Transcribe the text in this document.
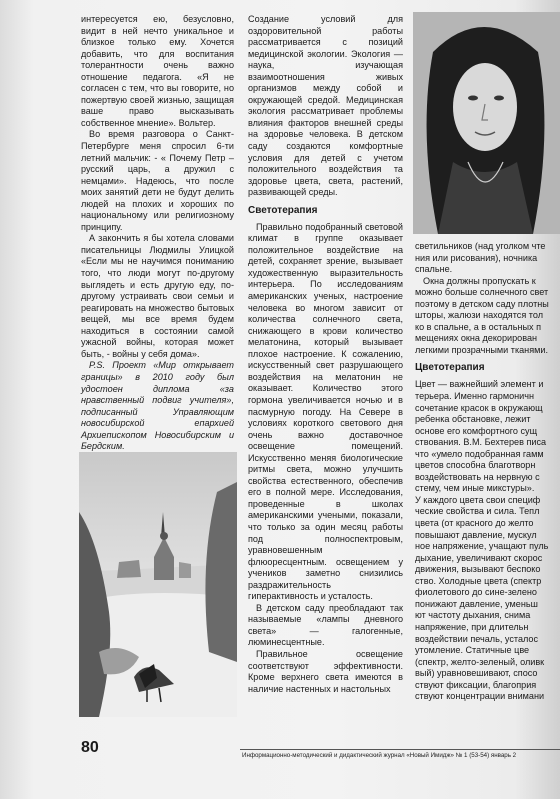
интересуется ею, безусловно, видит в ней нечто уникальное и близкое только ему. Хочется добавить, что для воспитания толерантности очень важно отношение педагога. «Я не согласен с тем, что вы говорите, но пожертвую своей жизнью, защищая ваше право высказывать собственное мнение». Вольтер.

Во время разговора о Санкт-Петербурге меня спросил 6-ти летний мальчик: - « Почему Петр – русский царь, а дружил с немцами». Надеюсь, что после моих занятий дети не будут делить людей на плохих и хороших по национальному или религиозному принципу.

А закончить я бы хотела словами писательницы Людмилы Улицкой «Если мы не научимся пониманию того, что люди могут по-другому выглядеть и есть другую еду, по-другому устраивать свои семьи и реагировать на множество бытовых вещей, мы все время будем находиться в состоянии самой ужасной войны, которая может быть, - войны у себя дома».

P.S. Проект «Мир открывает границы» в 2010 году был удостоен диплома «за нравственный подвиг учителя», подписанный Управляющим новосибирской епархией Архиепископом Новосибирским и Бердским.

Создание условий для оздоровительной работы рассматривается с позиций медицинской экологии. Экология — наука, изучающая взаимоотношения живых организмов между собой и окружающей средой. Медицинская экология рассматривает проблемы влияния факторов внешней среды на здоровье человека. В детском саду создаются комфортные условия для детей с учетом положительного воздействия та здоровье цвета, света, растений, развивающей среды.

Светотерапия

Правильно подобранный световой климат в группе оказывает положительное воздействие на детей, сохраняет зрение, вызывает художественную выразительность интерьера. По исследованиям американских ученых, настроение человека во многом зависит от количества солнечного света, снижающего в крови количество мелатонина, который вызывает плохое настроение. К сожалению, искусственный свет разрушающего воздействия на мелатонин не оказывает. Количество этого гормона увеличивается ночью и в пасмурную погоду. На Севере в условиях короткого светового дня очень важно доставочное освещение помещений. Искусственно меняя биологические ритмы света, можно улучшить свойства естественного, обеспечив его в полной мере. Исследования, проведенные в школах американскими учеными, показали, что только за один месяц работы под полноспектровым, уравновешенным флюоресцентным. освещением у учеников заметно снизились раздражительность гиперактивность и усталость.

В детском саду преобладают так называемые «лампы дневного света» — галогенные, люминесцентные.

Правильное освещение соответствуют эффективности. Кроме верхнего света имеются в наличие настенных и настольных

светильников (над уголком чте
ния или рисования), ночника
спальне.
Окна должны пропускать к
можно больше солнечного свет
поэтому в детском саду плотны
шторы, жалюзи находятся тол
ко в спальне, а в остальных п
мещениях окна декорирован
легкими прозрачными тканями.
Цветотерапия
Цвет — важнейший элемент и
терьера. Именно гармоничн
сочетание красок в окружающ
ребенка обстановке, лежит
основе его комфортного сущ
ствования. В.М. Бехтерев писа
что «умело подобранная гамм
цветов способна благотворн
воздействовать на нервную с
стему, чем иные микстуры».
У каждого цвета свои специф
ческие свойства и сила. Тепл
цвета (от красного до желто
повышают давление, мускул
ное напряжение, учащают пуль
дыхание, увеличивают скорос
движения, вызывают беспоко
ство. Холодные цвета (спектр
фиолетового до сине-зелено
понижают давление, уменьш
ют частоту дыхания, снима
напряжение, при длительн
воздействии печаль, усталос
утомление. Статичные цве
(спектр, желто-зеленый, оливк
вый) уравновешивают, спосо
ствуют фиксации, благоприя
ствуют концентрации внимани
80	Информационно-методический и дидактический журнал «Новый Имидж» № 1 (53-54) январь 2
